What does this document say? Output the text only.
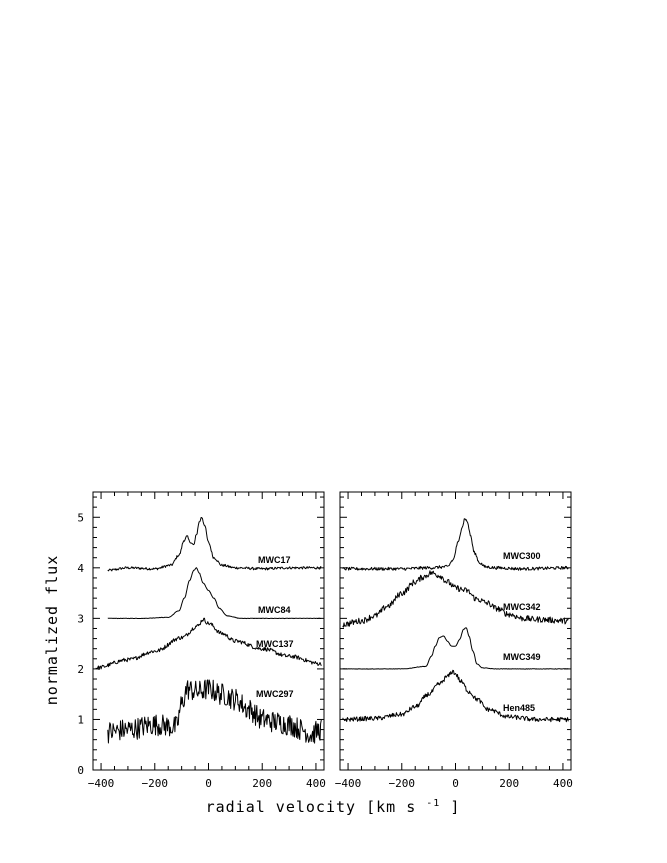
−400 −200	0	200	400
0
1
2
3
4
5
MWC17
MWC84
MWC137
MWC297
−400 −200	0	200	400
MWC300
MWC342
MWC349
Hen485
normalized flux
radial velocity [km s $^{-1}$ ]
